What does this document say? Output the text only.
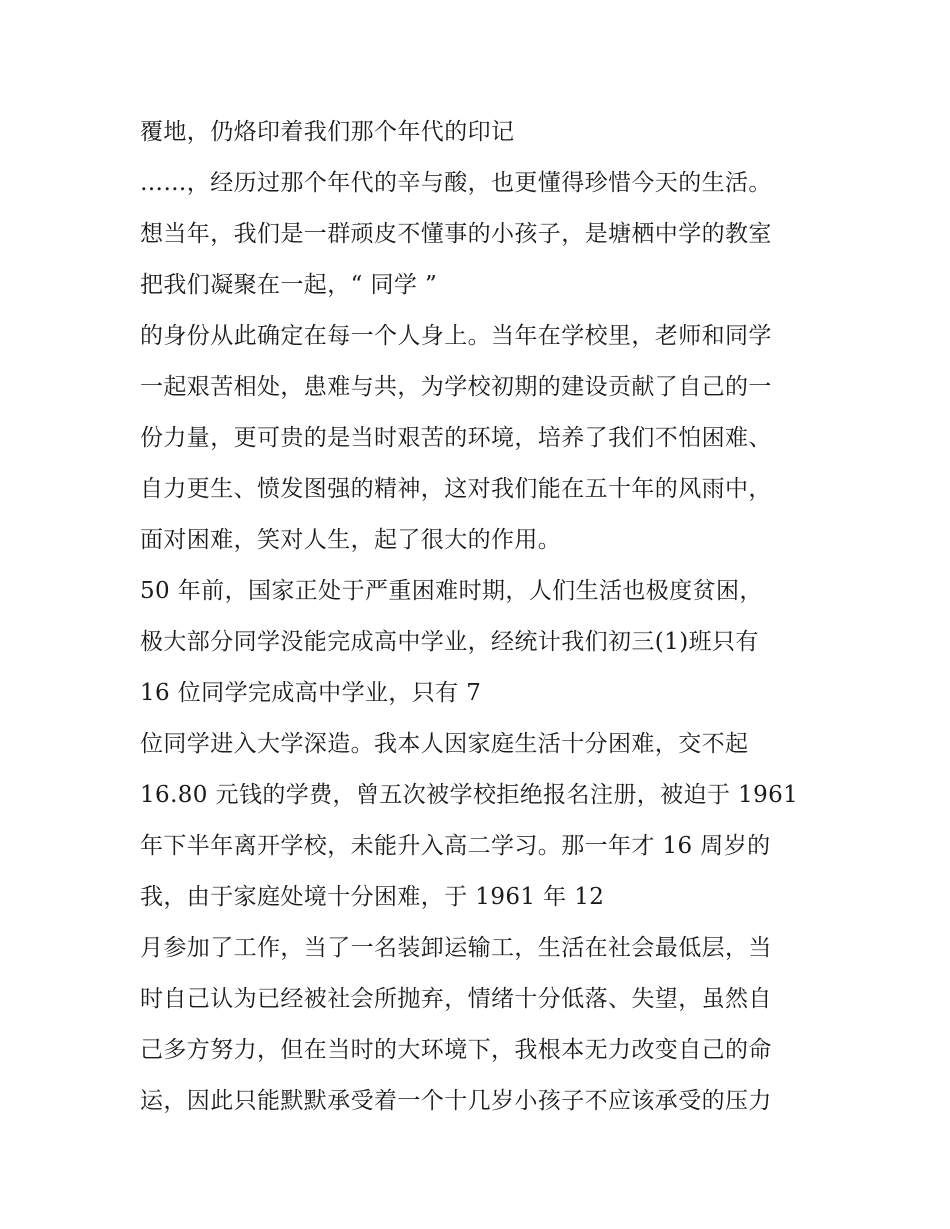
覆地，仍烙印着我们那个年代的印记
……，经历过那个年代的辛与酸，也更懂得珍惜今天的生活。
想当年，我们是一群顽皮不懂事的小孩子，是塘栖中学的教室
把我们凝聚在一起，“ 同学 ”
的身份从此确定在每一个人身上。当年在学校里，老师和同学
一起艰苦相处，患难与共，为学校初期的建设贡献了自己的一
份力量，更可贵的是当时艰苦的环境，培养了我们不怕困难、
自力更生、愤发图强的精神，这对我们能在五十年的风雨中，
面对困难，笑对人生，起了很大的作用。
50 年前，国家正处于严重困难时期，人们生活也极度贫困，
极大部分同学没能完成高中学业，经统计我们初三(1)班只有
16 位同学完成高中学业，只有 7
位同学进入大学深造。我本人因家庭生活十分困难，交不起
16.80 元钱的学费，曾五次被学校拒绝报名注册，被迫于 1961
年下半年离开学校，未能升入高二学习。那一年才 16 周岁的
我，由于家庭处境十分困难，于 1961 年 12
月参加了工作，当了一名装卸运输工，生活在社会最低层，当
时自己认为已经被社会所抛弃，情绪十分低落、失望，虽然自
己多方努力，但在当时的大环境下，我根本无力改变自己的命
运，因此只能默默承受着一个十几岁小孩子不应该承受的压力
